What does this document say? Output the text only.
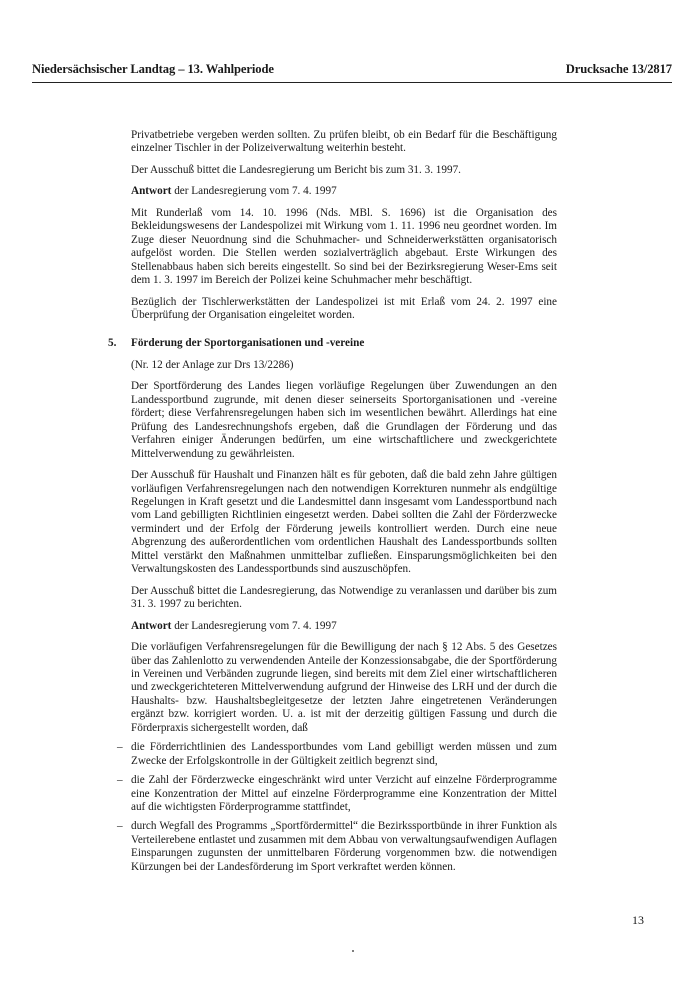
Niedersächsischer Landtag – 13. Wahlperiode	Drucksache 13/2817

Privatbetriebe vergeben werden sollten. Zu prüfen bleibt, ob ein Bedarf für die Beschäftigung einzelner Tischler in der Polizeiverwaltung weiterhin besteht.

Der Ausschuß bittet die Landesregierung um Bericht bis zum 31. 3. 1997.

Antwort der Landesregierung vom 7. 4. 1997

Mit Runderlaß vom 14. 10. 1996 (Nds. MBl. S. 1696) ist die Organisation des Bekleidungswesens der Landespolizei mit Wirkung vom 1. 11. 1996 neu geordnet worden. Im Zuge dieser Neuordnung sind die Schuhmacher- und Schneiderwerkstätten organisatorisch aufgelöst worden. Die Stellen werden sozialverträglich abgebaut. Erste Wirkungen des Stellenabbaus haben sich bereits eingestellt. So sind bei der Bezirksregierung Weser-Ems seit dem 1. 3. 1997 im Bereich der Polizei keine Schuhmacher mehr beschäftigt.

Bezüglich der Tischlerwerkstätten der Landespolizei ist mit Erlaß vom 24. 2. 1997 eine Überprüfung der Organisation eingeleitet worden.

5. Förderung der Sportorganisationen und -vereine

(Nr. 12 der Anlage zur Drs 13/2286)

Der Sportförderung des Landes liegen vorläufige Regelungen über Zuwendungen an den Landessportbund zugrunde, mit denen dieser seinerseits Sportorganisationen und -vereine fördert; diese Verfahrensregelungen haben sich im wesentlichen bewährt. Allerdings hat eine Prüfung des Landesrechnungshofs ergeben, daß die Grundlagen der Förderung und das Verfahren einiger Änderungen bedürfen, um eine wirtschaftlichere und zweckgerichtete Mittelverwendung zu gewährleisten.

Der Ausschuß für Haushalt und Finanzen hält es für geboten, daß die bald zehn Jahre gültigen vorläufigen Verfahrensregelungen nach den notwendigen Korrekturen nunmehr als endgültige Regelungen in Kraft gesetzt und die Landesmittel dann insgesamt vom Landessportbund nach vom Land gebilligten Richtlinien eingesetzt werden. Dabei sollten die Zahl der Förderzwecke vermindert und der Erfolg der Förderung jeweils kontrolliert werden. Durch eine neue Abgrenzung des außerordentlichen vom ordentlichen Haushalt des Landessportbunds sollten Mittel verstärkt den Maßnahmen unmittelbar zufließen. Einsparungsmöglichkeiten bei den Verwaltungskosten des Landessportbunds sind auszuschöpfen.

Der Ausschuß bittet die Landesregierung, das Notwendige zu veranlassen und darüber bis zum 31. 3. 1997 zu berichten.

Antwort der Landesregierung vom 7. 4. 1997

Die vorläufigen Verfahrensregelungen für die Bewilligung der nach § 12 Abs. 5 des Gesetzes über das Zahlenlotto zu verwendenden Anteile der Konzessionsabgabe, die der Sportförderung in Vereinen und Verbänden zugrunde liegen, sind bereits mit dem Ziel einer wirtschaftlicheren und zweckgerichteteren Mittelverwendung aufgrund der Hinweise des LRH und der durch die Haushalts- bzw. Haushaltsbegleitgesetze der letzten Jahre eingetretenen Veränderungen ergänzt bzw. korrigiert worden. U. a. ist mit der derzeitig gültigen Fassung und durch die Förderpraxis sichergestellt worden, daß

– die Förderrichtlinien des Landessportbundes vom Land gebilligt werden müssen und zum Zwecke der Erfolgskontrolle in der Gültigkeit zeitlich begrenzt sind,
– die Zahl der Förderzwecke eingeschränkt wird unter Verzicht auf einzelne Förderprogramme eine Konzentration der Mittel auf einzelne Förderprogramme eine Konzentration der Mittel auf die wichtigsten Förderprogramme stattfindet,
– durch Wegfall des Programms „Sportfördermittel“ die Bezirkssportbünde in ihrer Funktion als Verteilerebene entlastet und zusammen mit dem Abbau von verwaltungsaufwendigen Auflagen Einsparungen zugunsten der unmittelbaren Förderung vorgenommen bzw. die notwendigen Kürzungen bei der Landesförderung im Sport verkraftet werden können.
13
